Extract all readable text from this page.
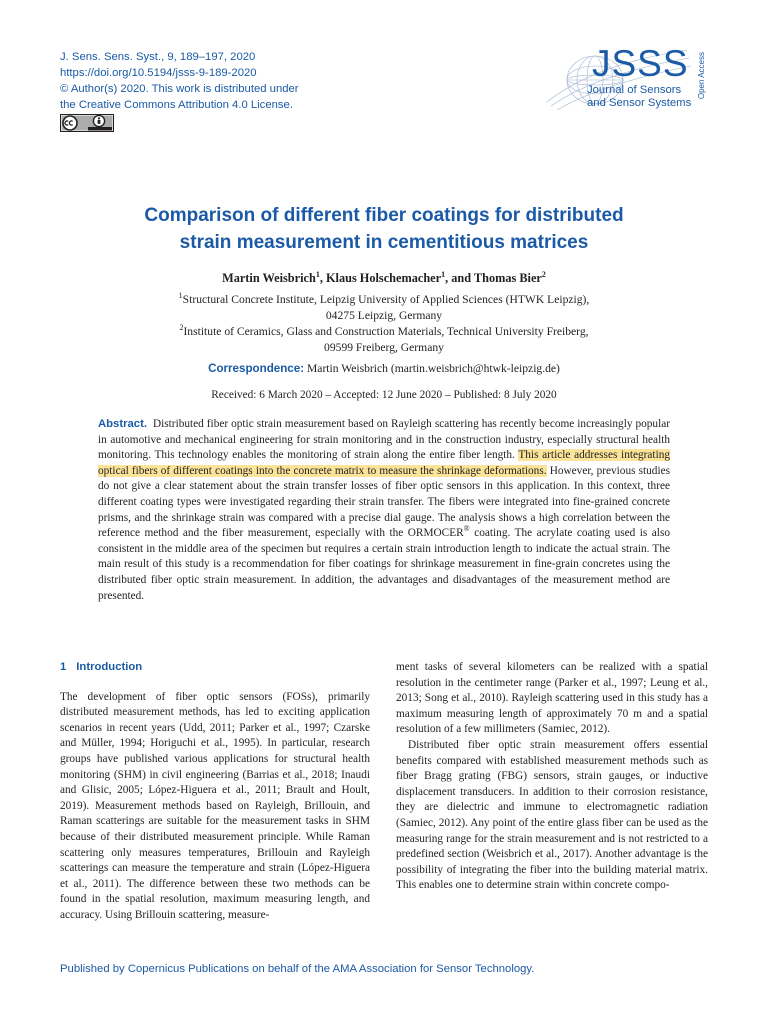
J. Sens. Sens. Syst., 9, 189–197, 2020
https://doi.org/10.5194/jsss-9-189-2020
© Author(s) 2020. This work is distributed under
the Creative Commons Attribution 4.0 License.
JSSS
Journal of Sensors
and Sensor Systems
Open Access
Comparison of different fiber coatings for distributed
strain measurement in cementitious matrices
Martin Weisbrich$^1$, Klaus Holschemacher$^1$, and Thomas Bier$^2$
$^1$Structural Concrete Institute, Leipzig University of Applied Sciences (HTWK Leipzig),
04275 Leipzig, Germany
$^2$Institute of Ceramics, Glass and Construction Materials, Technical University Freiberg,
09599 Freiberg, Germany
Correspondence: Martin Weisbrich (martin.weisbrich@htwk-leipzig.de)
Received: 6 March 2020 – Accepted: 12 June 2020 – Published: 8 July 2020
Abstract. Distributed fiber optic strain measurement based on Rayleigh scattering has recently become increasingly popular in automotive and mechanical engineering for strain monitoring and in the construction industry, especially structural health monitoring. This technology enables the monitoring of strain along the entire fiber length. This article addresses integrating optical fibers of different coatings into the concrete matrix to measure the shrinkage deformations. However, previous studies do not give a clear statement about the strain transfer losses of fiber optic sensors in this application. In this context, three different coating types were investigated regarding their strain transfer. The fibers were integrated into fine-grained concrete prisms, and the shrinkage strain was compared with a precise dial gauge. The analysis shows a high correlation between the reference method and the fiber measurement, especially with the ORMOCER® coating. The acrylate coating used is also consistent in the middle area of the specimen but requires a certain strain introduction length to indicate the actual strain. The main result of this study is a recommendation for fiber coatings for shrinkage measurement in fine-grain concretes using the distributed fiber optic strain measurement. In addition, the advantages and disadvantages of the measurement method are presented.

1 Introduction

The development of fiber optic sensors (FOSs), primarily distributed measurement methods, has led to exciting application scenarios in recent years (Udd, 2011; Parker et al., 1997; Czarske and Müller, 1994; Horiguchi et al., 1995). In particular, research groups have published various applications for structural health monitoring (SHM) in civil engineering (Barrias et al., 2018; Inaudi and Glisic, 2005; López-Higuera et al., 2011; Brault and Hoult, 2019). Measurement methods based on Rayleigh, Brillouin, and Raman scatterings are suitable for the measurement tasks in SHM because of their distributed measurement principle. While Raman scattering only measures temperatures, Brillouin and Rayleigh scatterings can measure the temperature and strain (López-Higuera et al., 2011). The difference between these two methods can be found in the spatial resolution, maximum measuring length, and accuracy. Using Brillouin scattering, measure-

ment tasks of several kilometers can be realized with a spatial resolution in the centimeter range (Parker et al., 1997; Leung et al., 2013; Song et al., 2010). Rayleigh scattering used in this study has a maximum measuring length of approximately 70 m and a spatial resolution of a few millimeters (Samiec, 2012).

Distributed fiber optic strain measurement offers essential benefits compared with established measurement methods such as fiber Bragg grating (FBG) sensors, strain gauges, or inductive displacement transducers. In addition to their corrosion resistance, they are dielectric and immune to electromagnetic radiation (Samiec, 2012). Any point of the entire glass fiber can be used as the measuring range for the strain measurement and is not restricted to a predefined section (Weisbrich et al., 2017). Another advantage is the possibility of integrating the fiber into the building material matrix. This enables one to determine strain within concrete compo-

Published by Copernicus Publications on behalf of the AMA Association for Sensor Technology.
